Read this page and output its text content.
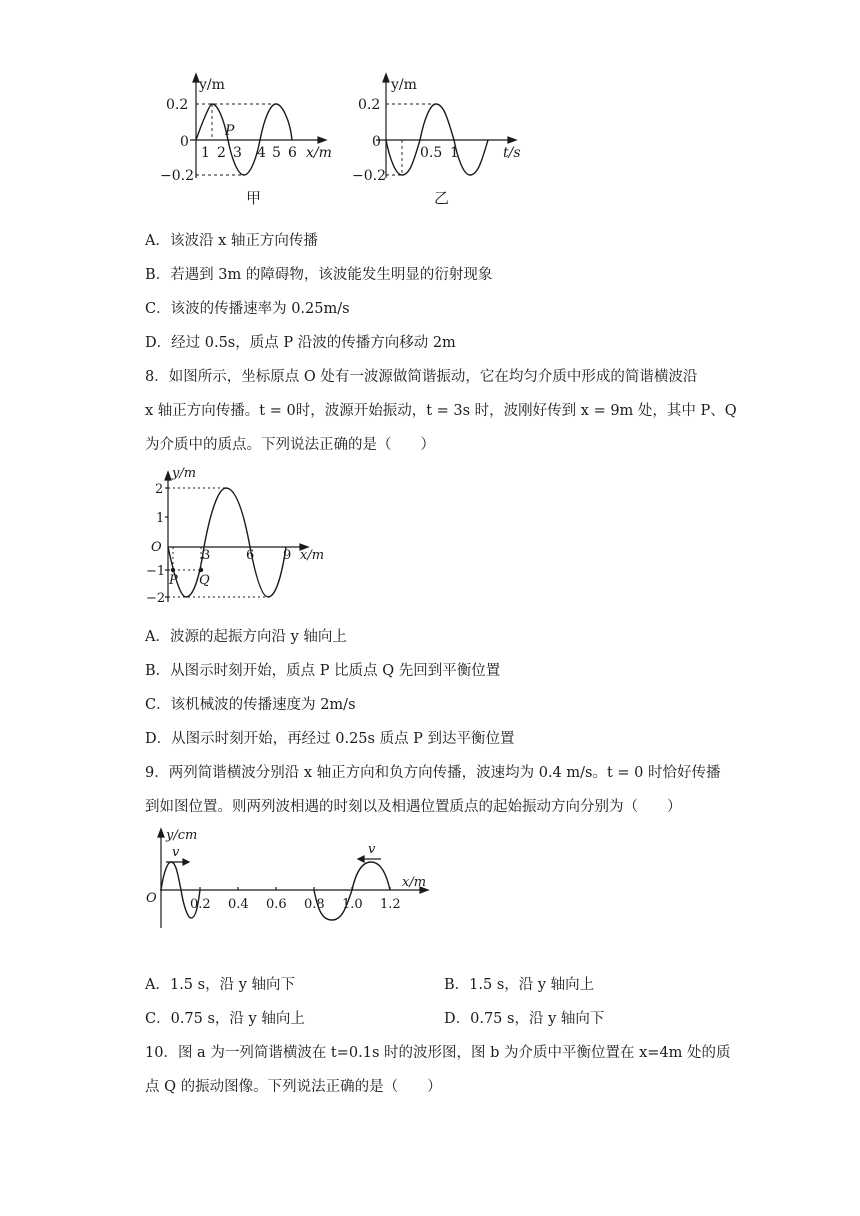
y/m
0.2
0
−0.2
1 2 3 4 5 6 x/m
P
甲
y/m
0.2
0
−0.2
0.5 1	t/s
乙
A．该波沿 x 轴正方向传播
B．若遇到 3m 的障碍物，该波能发生明显的衍射现象
C．该波的传播速率为 0.25m/s
D．经过 0.5s，质点 P 沿波的传播方向移动 2m
8．如图所示，坐标原点 O 处有一波源做简谐振动，它在均匀介质中形成的简谐横波沿
x 轴正方向传播。t = 0时，波源开始振动，t = 3s 时，波刚好传到 x = 9m 处，其中 P、Q
为介质中的质点。下列说法正确的是（　　）
y/m
O
2
1
−1
−2
3	6 9 x/m
P Q
A．波源的起振方向沿 y 轴向上
B．从图示时刻开始，质点 P 比质点 Q 先回到平衡位置
C．该机械波的传播速度为 2m/s
D．从图示时刻开始，再经过 0.25s 质点 P 到达平衡位置
9．两列简谐横波分别沿 x 轴正方向和负方向传播，波速均为 0.4 m/s。t = 0 时恰好传播
到如图位置。则两列波相遇的时刻以及相遇位置质点的起始振动方向分别为（　　）
y/cm
O
v	v
0.2 0.4 0.6 0.8 1.0 1.2
x/m
A．1.5 s，沿 y 轴向下	B．1.5 s，沿 y 轴向上
C．0.75 s，沿 y 轴向上	D．0.75 s，沿 y 轴向下
10．图 a 为一列简谐横波在 t=0.1s 时的波形图，图 b 为介质中平衡位置在 x=4m 处的质
点 Q 的振动图像。下列说法正确的是（　　）
